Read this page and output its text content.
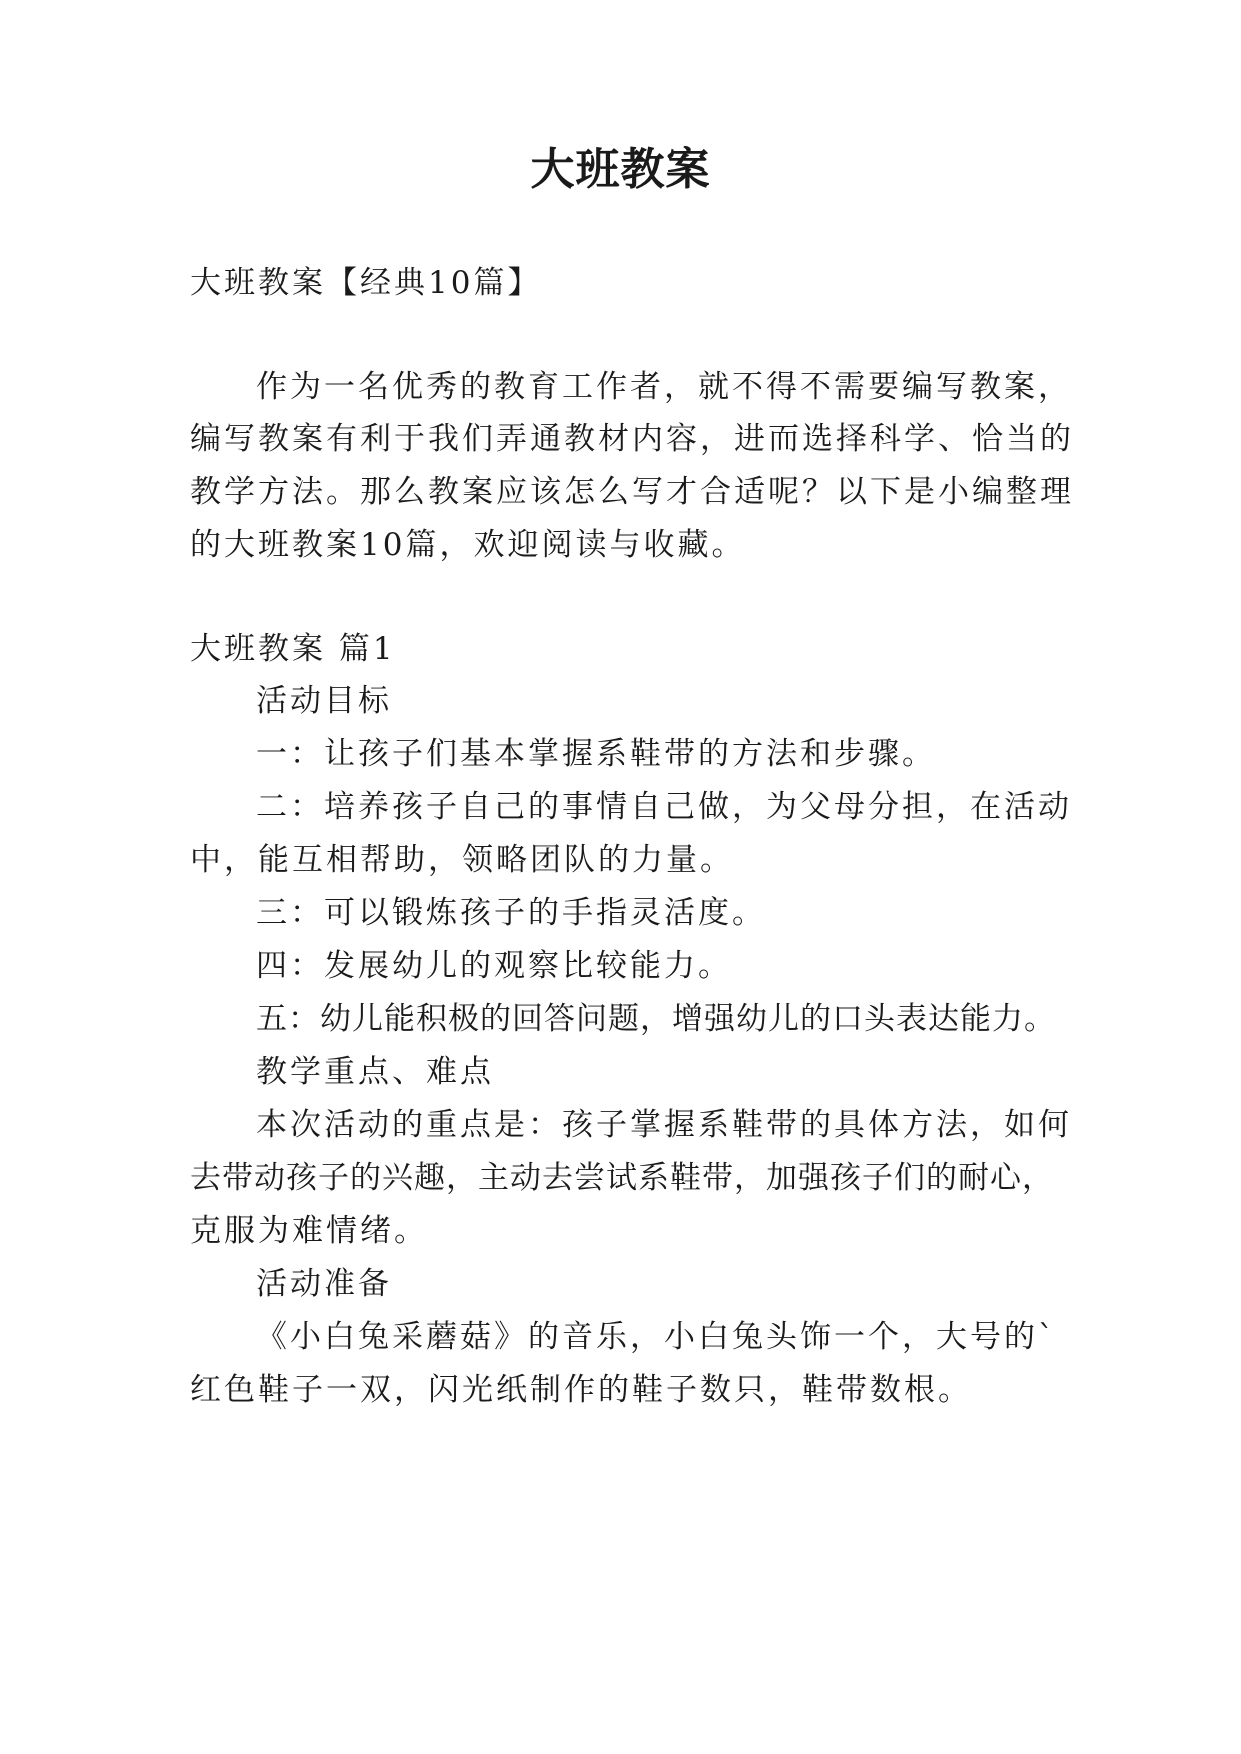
大班教案
大班教案【经典10篇】
作为一名优秀的教育工作者，就不得不需要编写教案，
编写教案有利于我们弄通教材内容，进而选择科学、恰当的
教学方法。那么教案应该怎么写才合适呢？以下是小编整理
的大班教案10篇，欢迎阅读与收藏。
大班教案 篇1
活动目标
一：让孩子们基本掌握系鞋带的方法和步骤。
二：培养孩子自己的事情自己做，为父母分担，在活动
中，能互相帮助，领略团队的力量。
三：可以锻炼孩子的手指灵活度。
四：发展幼儿的观察比较能力。
五：幼儿能积极的回答问题，增强幼儿的口头表达能力。
教学重点、难点
本次活动的重点是：孩子掌握系鞋带的具体方法，如何
去带动孩子的兴趣，主动去尝试系鞋带，加强孩子们的耐心，
克服为难情绪。
活动准备
《小白兔采蘑菇》的音乐，小白兔头饰一个，大号的`
红色鞋子一双，闪光纸制作的鞋子数只，鞋带数根。
